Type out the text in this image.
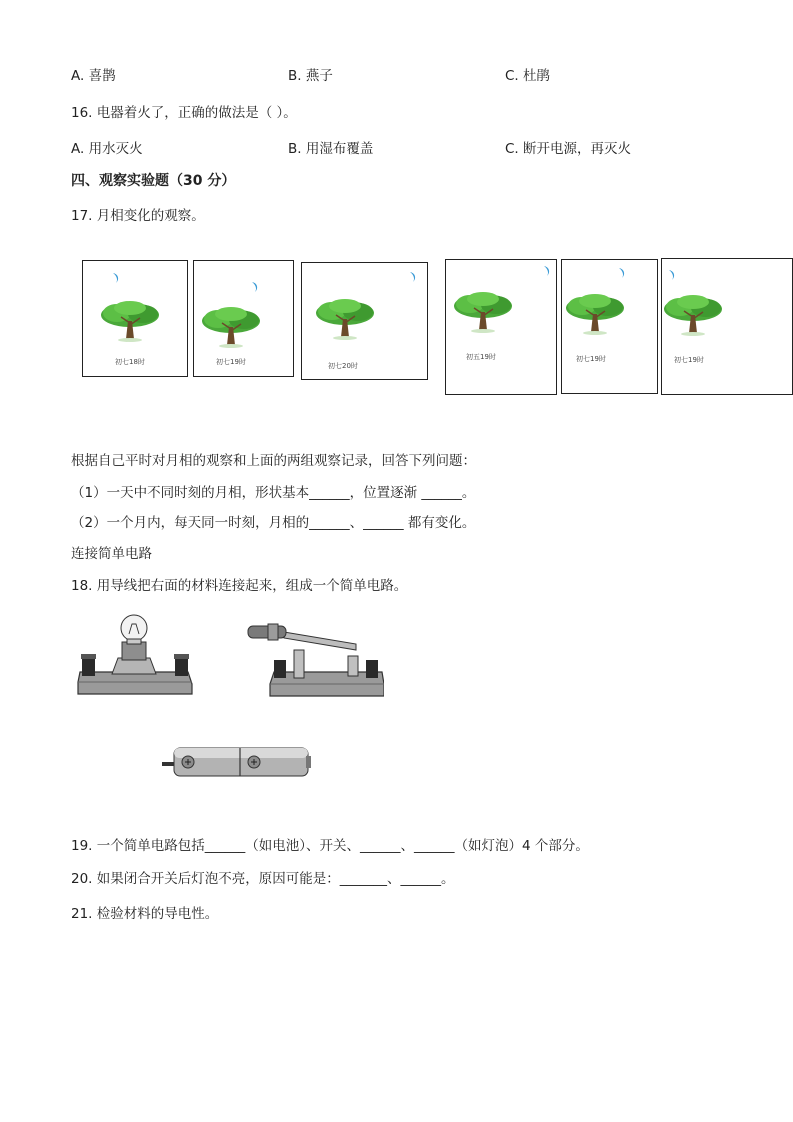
A. 喜鹊	B. 燕子	C. 杜鹃
16. 电器着火了，正确的做法是（ ）。
A. 用水灭火	B. 用湿布覆盖	C. 断开电源，再灭火
四、观察实验题（30 分）
17. 月相变化的观察。
初七18时	初七19时	初七20时
初五19时	初七19时	初七19时
根据自己平时对月相的观察和上面的两组观察记录，回答下列问题：
（1）一天中不同时刻的月相，形状基本______，位置逐渐 ______。
（2）一个月内，每天同一时刻，月相的______、______ 都有变化。
连接简单电路
18. 用导线把右面的材料连接起来，组成一个简单电路。
19. 一个简单电路包括______（如电池）、开关、______、______（如灯泡）4 个部分。
20. 如果闭合开关后灯泡不亮，原因可能是：_______、______。
21. 检验材料的导电性。
